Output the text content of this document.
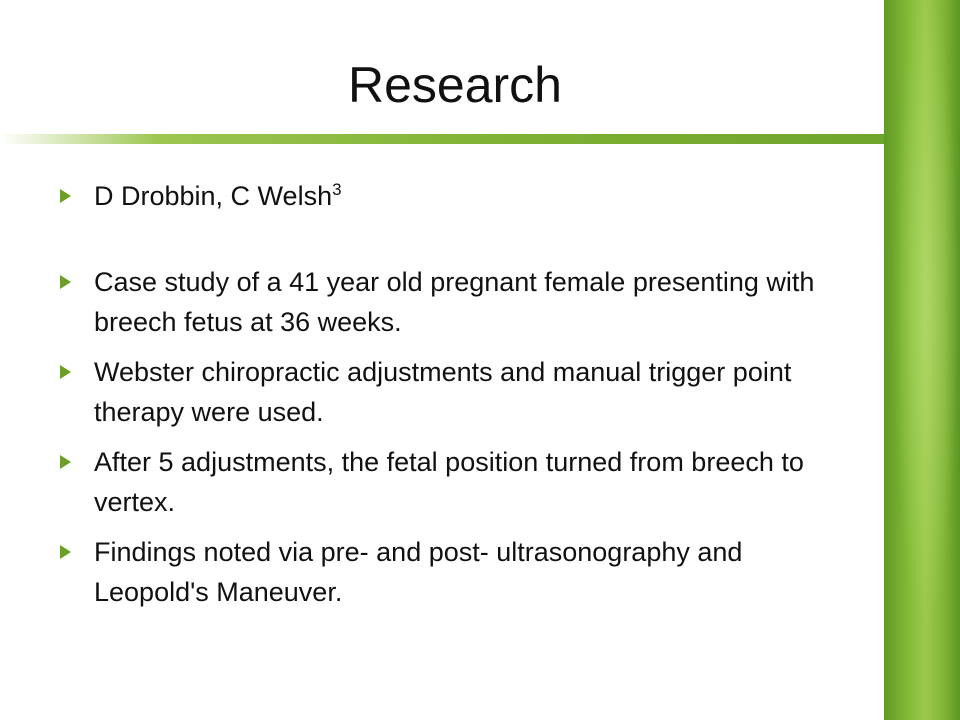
Research
D Drobbin, C Welsh$^3$
Case study of a 41 year old pregnant female presenting with breech fetus at 36 weeks.
Webster chiropractic adjustments and manual trigger point therapy were used.
After 5 adjustments, the fetal position turned from breech to vertex.
Findings noted via pre- and post- ultrasonography and Leopold's Maneuver.
